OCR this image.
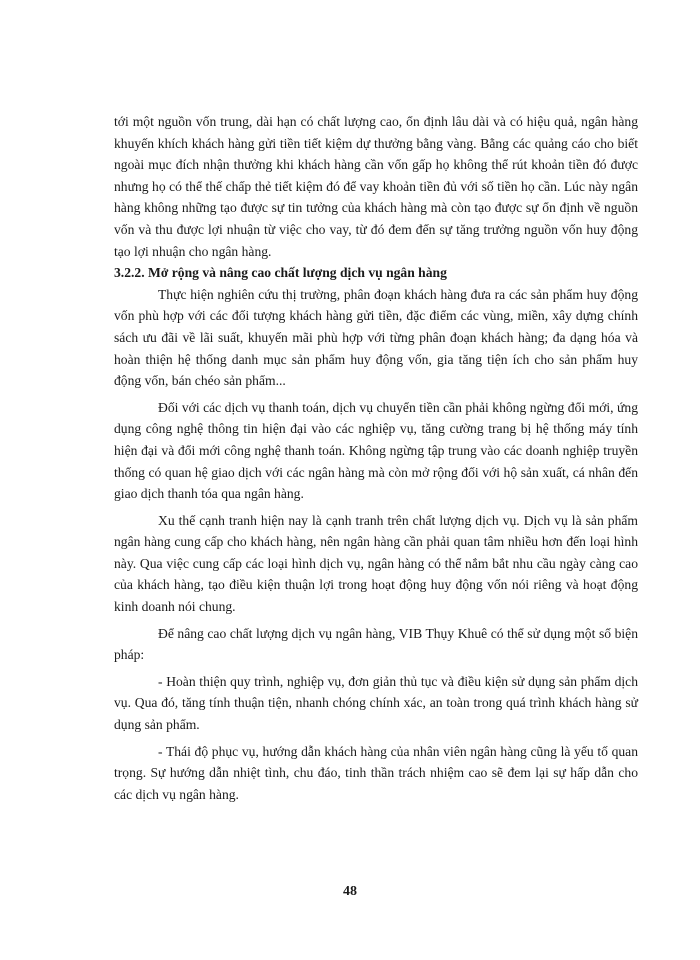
tới một nguồn vốn trung, dài hạn có chất lượng cao, ổn định lâu dài và có hiệu quả, ngân hàng khuyến khích khách hàng gửi tiền tiết kiệm dự thưởng bằng vàng. Bằng các quảng cáo cho biết ngoài mục đích nhận thưởng khi khách hàng cần vốn gấp họ không thể rút khoản tiền đó được nhưng họ có thể thế chấp thẻ tiết kiệm đó để vay khoản tiền đủ với số tiền họ cần. Lúc này ngân hàng không những tạo được sự tin tưởng của khách hàng mà còn tạo được sự ổn định về nguồn vốn và thu được lợi nhuận từ việc cho vay, từ đó đem đến sự tăng trưởng nguồn vốn huy động tạo lợi nhuận cho ngân hàng.

3.2.2. Mở rộng và nâng cao chất lượng dịch vụ ngân hàng

Thực hiện nghiên cứu thị trường, phân đoạn khách hàng đưa ra các sản phẩm huy động vốn phù hợp với các đối tượng khách hàng gửi tiền, đặc điểm các vùng, miền, xây dựng chính sách ưu đãi về lãi suất, khuyến mãi phù hợp với từng phân đoạn khách hàng; đa dạng hóa và hoàn thiện hệ thống danh mục sản phẩm huy động vốn, gia tăng tiện ích cho sản phẩm huy động vốn, bán chéo sản phẩm...

Đối với các dịch vụ thanh toán, dịch vụ chuyển tiền cần phải không ngừng đổi mới, ứng dụng công nghệ thông tin hiện đại vào các nghiệp vụ, tăng cường trang bị hệ thống máy tính hiện đại và đổi mới công nghệ thanh toán. Không ngừng tập trung vào các doanh nghiệp truyền thống có quan hệ giao dịch với các ngân hàng mà còn mở rộng đối với hộ sản xuất, cá nhân đến giao dịch thanh tóa qua ngân hàng.

Xu thế cạnh tranh hiện nay là cạnh tranh trên chất lượng dịch vụ. Dịch vụ là sản phẩm ngân hàng cung cấp cho khách hàng, nên ngân hàng cần phải quan tâm nhiều hơn đến loại hình này. Qua việc cung cấp các loại hình dịch vụ, ngân hàng có thể nắm bắt nhu cầu ngày càng cao của khách hàng, tạo điều kiện thuận lợi trong hoạt động huy động vốn nói riêng và hoạt động kinh doanh nói chung.

Để nâng cao chất lượng dịch vụ ngân hàng, VIB Thụy Khuê có thể sử dụng một số biện pháp:

- Hoàn thiện quy trình, nghiệp vụ, đơn giản thủ tục và điều kiện sử dụng sản phẩm dịch vụ. Qua đó, tăng tính thuận tiện, nhanh chóng chính xác, an toàn trong quá trình khách hàng sử dụng sản phẩm.

- Thái độ phục vụ, hướng dẫn khách hàng của nhân viên ngân hàng cũng là yếu tố quan trọng. Sự hướng dẫn nhiệt tình, chu đáo, tinh thần trách nhiệm cao sẽ đem lại sự hấp dẫn cho các dịch vụ ngân hàng.

48
